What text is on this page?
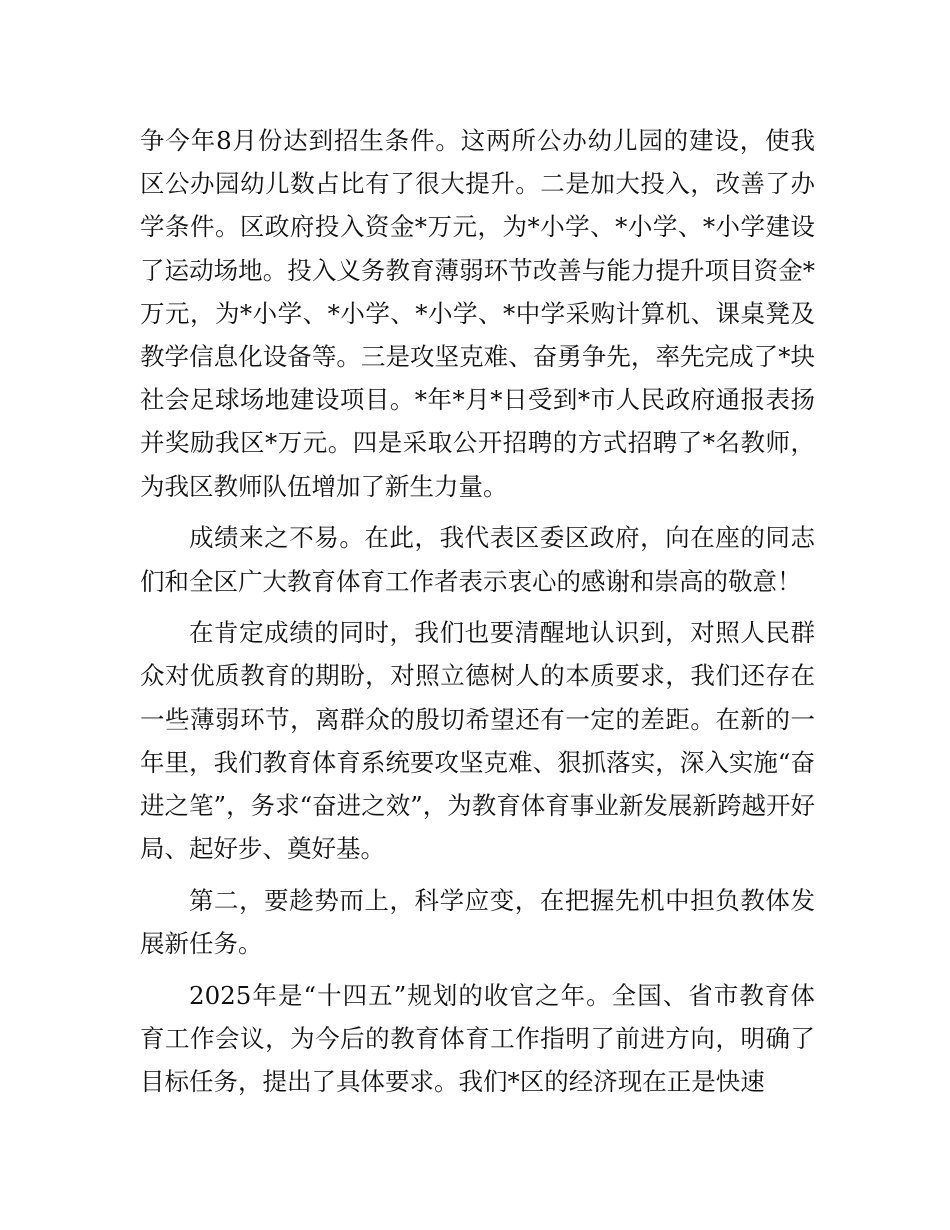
争今年8月份达到招生条件。这两所公办幼儿园的建设，使我区公办园幼儿数占比有了很大提升。二是加大投入，改善了办学条件。区政府投入资金*万元，为*小学、*小学、*小学建设了运动场地。投入义务教育薄弱环节改善与能力提升项目资金*万元，为*小学、*小学、*小学、*中学采购计算机、课桌凳及教学信息化设备等。三是攻坚克难、奋勇争先，率先完成了*块社会足球场地建设项目。*年*月*日受到*市人民政府通报表扬并奖励我区*万元。四是采取公开招聘的方式招聘了*名教师，为我区教师队伍增加了新生力量。

成绩来之不易。在此，我代表区委区政府，向在座的同志们和全区广大教育体育工作者表示衷心的感谢和崇高的敬意！

在肯定成绩的同时，我们也要清醒地认识到，对照人民群众对优质教育的期盼，对照立德树人的本质要求，我们还存在一些薄弱环节，离群众的殷切希望还有一定的差距。在新的一年里，我们教育体育系统要攻坚克难、狠抓落实，深入实施“奋进之笔”，务求“奋进之效”，为教育体育事业新发展新跨越开好局、起好步、奠好基。

第二，要趁势而上，科学应变，在把握先机中担负教体发展新任务。

2025年是“十四五”规划的收官之年。全国、省市教育体育工作会议，为今后的教育体育工作指明了前进方向，明确了目标任务，提出了具体要求。我们*区的经济现在正是快速
